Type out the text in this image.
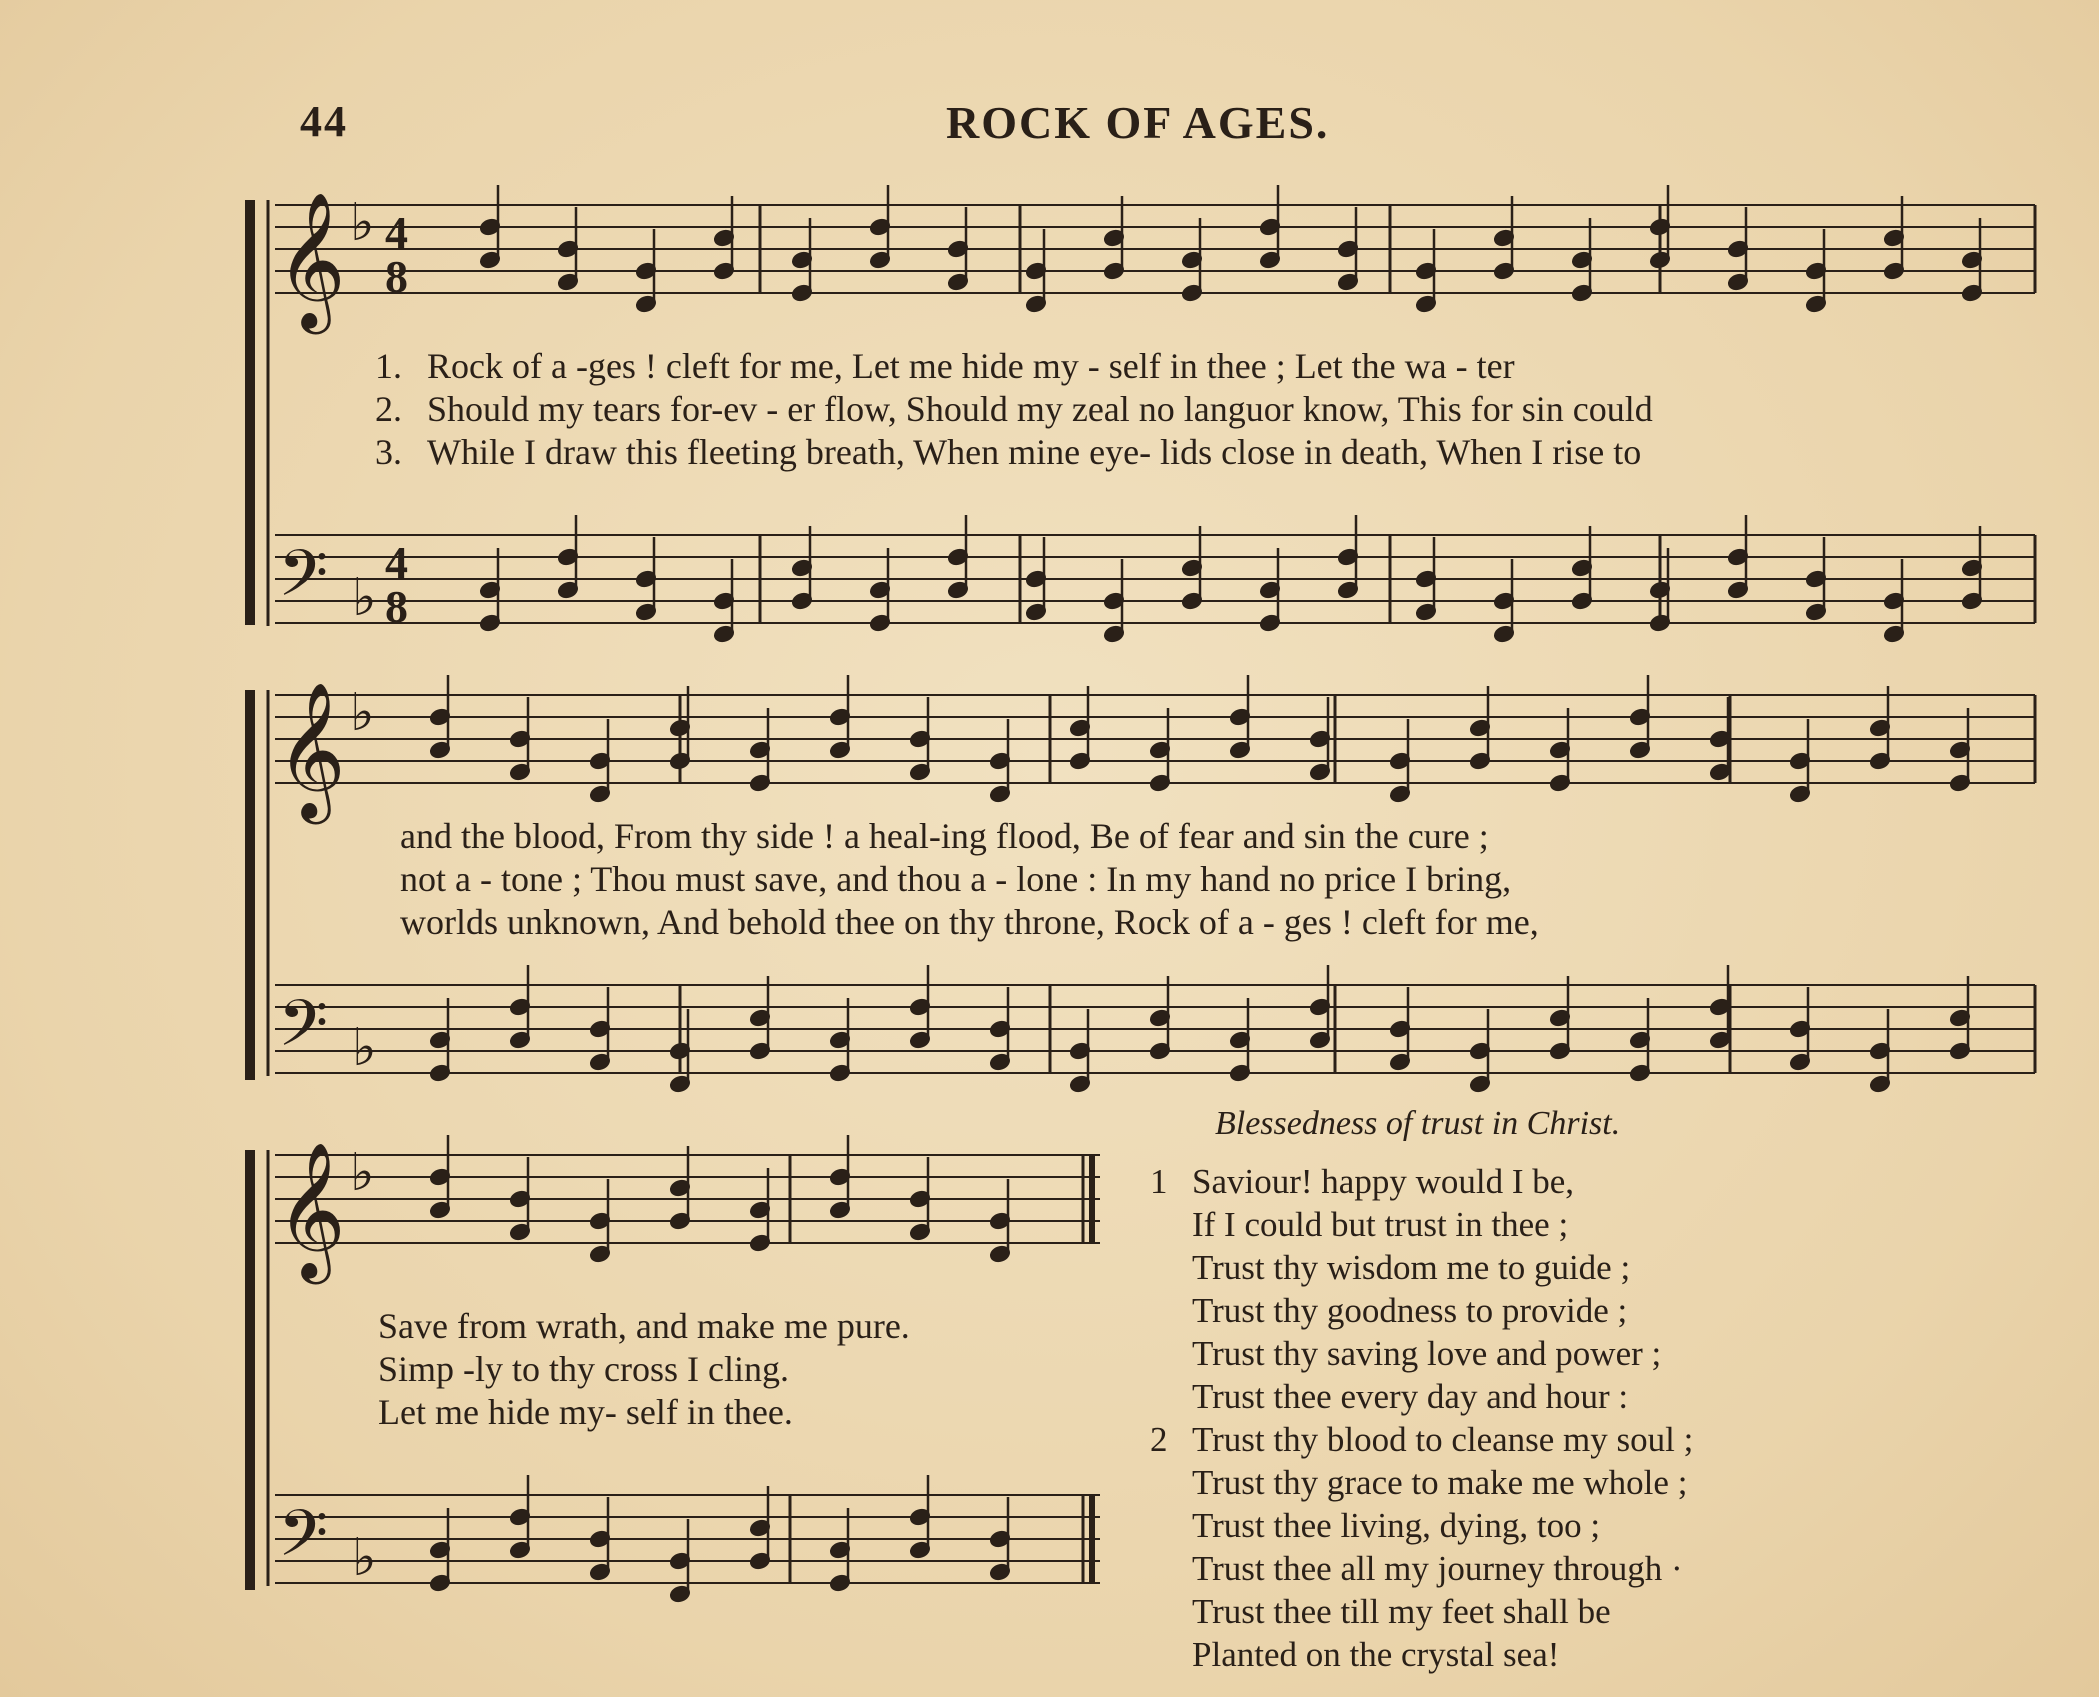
44	ROCK OF AGES.
𝄞
𝄢
♭
♭
4
8
4
8
1. Rock of a -ges ! cleft for me, Let me hide my - self in thee ; Let the wa - ter
2. Should my tears for-ev - er flow, Should my zeal no languor know, This for sin could
3. While I draw this fleeting breath, When mine eye- lids close in death, When I rise to
𝄞
𝄢
♭
♭
and the blood, From thy side ! a heal-ing flood, Be of fear and sin the cure ;
not a - tone ; Thou must save, and thou a - lone : In my hand no price I bring,
worlds unknown, And behold thee on thy throne, Rock of a - ges ! cleft for me,
𝄞
𝄢
♭
♭
Save from wrath, and make me pure.
Simp -ly to thy cross I cling.
Let me hide my- self in thee.
Blessedness of trust in Christ.
1 Saviour! happy would I be,
If I could but trust in thee ;
Trust thy wisdom me to guide ;
Trust thy goodness to provide ;
Trust thy saving love and power ;
Trust thee every day and hour :
2 Trust thy blood to cleanse my soul ;
Trust thy grace to make me whole ;
Trust thee living, dying, too ;
Trust thee all my journey through ·
Trust thee till my feet shall be
Planted on the crystal sea!
